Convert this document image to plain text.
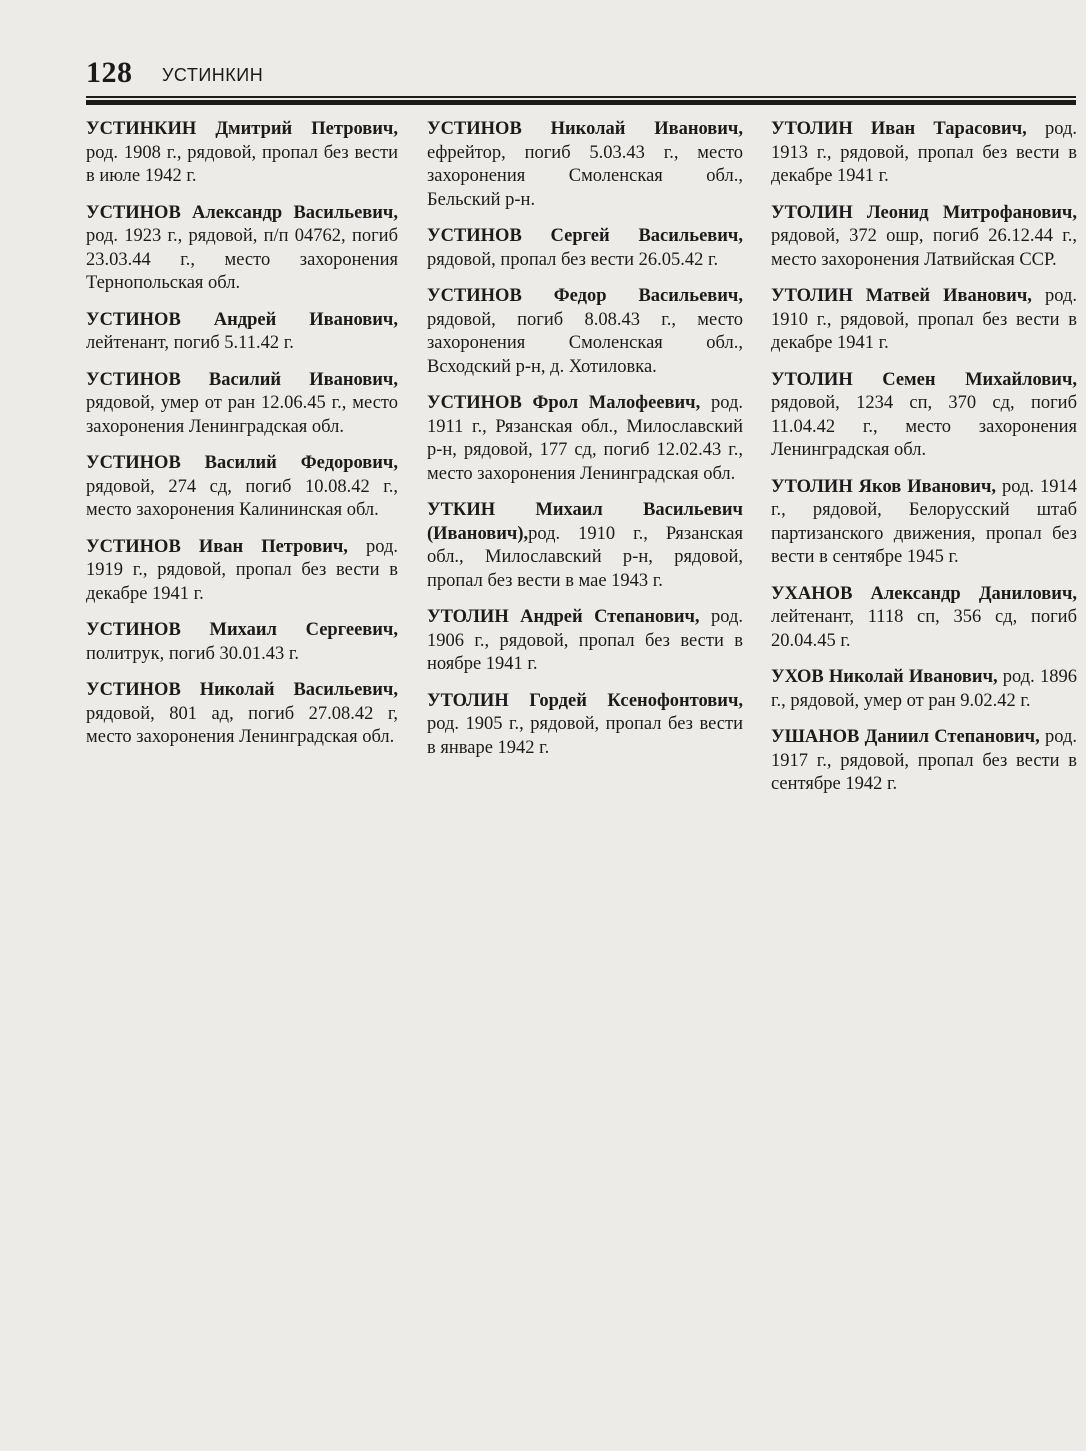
128 УСТИНКИН

УСТИНКИН Дмитрий Петрович, род. 1908 г., рядовой, пропал без вести в июле 1942 г.

УСТИНОВ Александр Васильевич, род. 1923 г., рядовой, п/п 04762, погиб 23.03.44 г., место захоронения Тернопольская обл.

УСТИНОВ Андрей Иванович, лейтенант, погиб 5.11.42 г.

УСТИНОВ Василий Иванович, рядовой, умер от ран 12.06.45 г., место захоронения Ленинградская обл.

УСТИНОВ Василий Федорович, рядовой, 274 сд, погиб 10.08.42 г., место захоронения Калининская обл.

УСТИНОВ Иван Петрович, род. 1919 г., рядовой, пропал без вести в декабре 1941 г.

УСТИНОВ Михаил Сергеевич, политрук, погиб 30.01.43 г.

УСТИНОВ Николай Васильевич, рядовой, 801 ад, погиб 27.08.42 г, место захоронения Ленинградская обл.

УСТИНОВ Николай Иванович, ефрейтор, погиб 5.03.43 г., место захоронения Смоленская обл., Бельский р-н.

УСТИНОВ Сергей Васильевич, рядовой, пропал без вести 26.05.42 г.

УСТИНОВ Федор Васильевич, рядовой, погиб 8.08.43 г., место захоронения Смоленская обл., Всходский р-н, д. Хотиловка.

УСТИНОВ Фрол Малофеевич, род. 1911 г., Рязанская обл., Милославский р-н, рядовой, 177 сд, погиб 12.02.43 г., место захоронения Ленинградская обл.

УТКИН Михаил Васильевич (Иванович),род. 1910 г., Рязанская обл., Милославский р-н, рядовой, пропал без вести в мае 1943 г.

УТОЛИН Андрей Степанович, род. 1906 г., рядовой, пропал без вести в ноябре 1941 г.

УТОЛИН Гордей Ксенофонтович, род. 1905 г., рядовой, пропал без вести в январе 1942 г.

УТОЛИН Иван Тарасович, род. 1913 г., рядовой, пропал без вести в декабре 1941 г.

УТОЛИН Леонид Митрофанович, рядовой, 372 ошр, погиб 26.12.44 г., место захоронения Латвийская ССР.

УТОЛИН Матвей Иванович, род. 1910 г., рядовой, пропал без вести в декабре 1941 г.

УТОЛИН Семен Михайлович, рядовой, 1234 сп, 370 сд, погиб 11.04.42 г., место захоронения Ленинградская обл.

УТОЛИН Яков Иванович, род. 1914 г., рядовой, Белорусский штаб партизанского движения, пропал без вести в сентябре 1945 г.

УХАНОВ Александр Данилович, лейтенант, 1118 сп, 356 сд, погиб 20.04.45 г.

УХОВ Николай Иванович, род. 1896 г., рядовой, умер от ран 9.02.42 г.

УШАНОВ Даниил Степанович, род. 1917 г., рядовой, пропал без вести в сентябре 1942 г.
